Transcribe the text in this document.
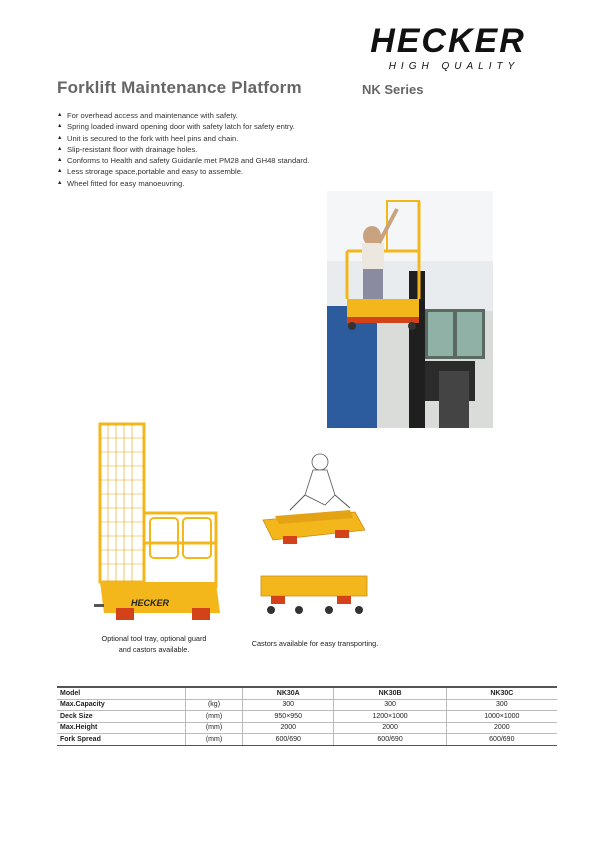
HECKER
HIGH QUALITY
Forklift Maintenance Platform	NK Series
▲ For overhead access and maintenance with safety.
▲ Spring loaded inward opening door with safety latch for safety entry.
▲ Unit is secured to the fork with heel pins and chain.
▲ Slip-resistant floor with drainage holes.
▲ Conforms to Health and safety Guidanle met PM28 and GH48 standard.
▲ Less strorage space,portable and easy to assemble.
▲ Wheel fitted for easy manoeuvring.
HECKER
Optional tool tray, optional guard
and castors available.
Castors available for easy transporting.
Model		NK30A	NK30B	NK30C
Max.Capacity	(kg)	300	300	300
Deck Size	(mm)	950×950	1200×1000	1000×1000
Max.Height	(mm)	2000	2000	2000
Fork Spread	(mm)	600/690	600/690	600/690
